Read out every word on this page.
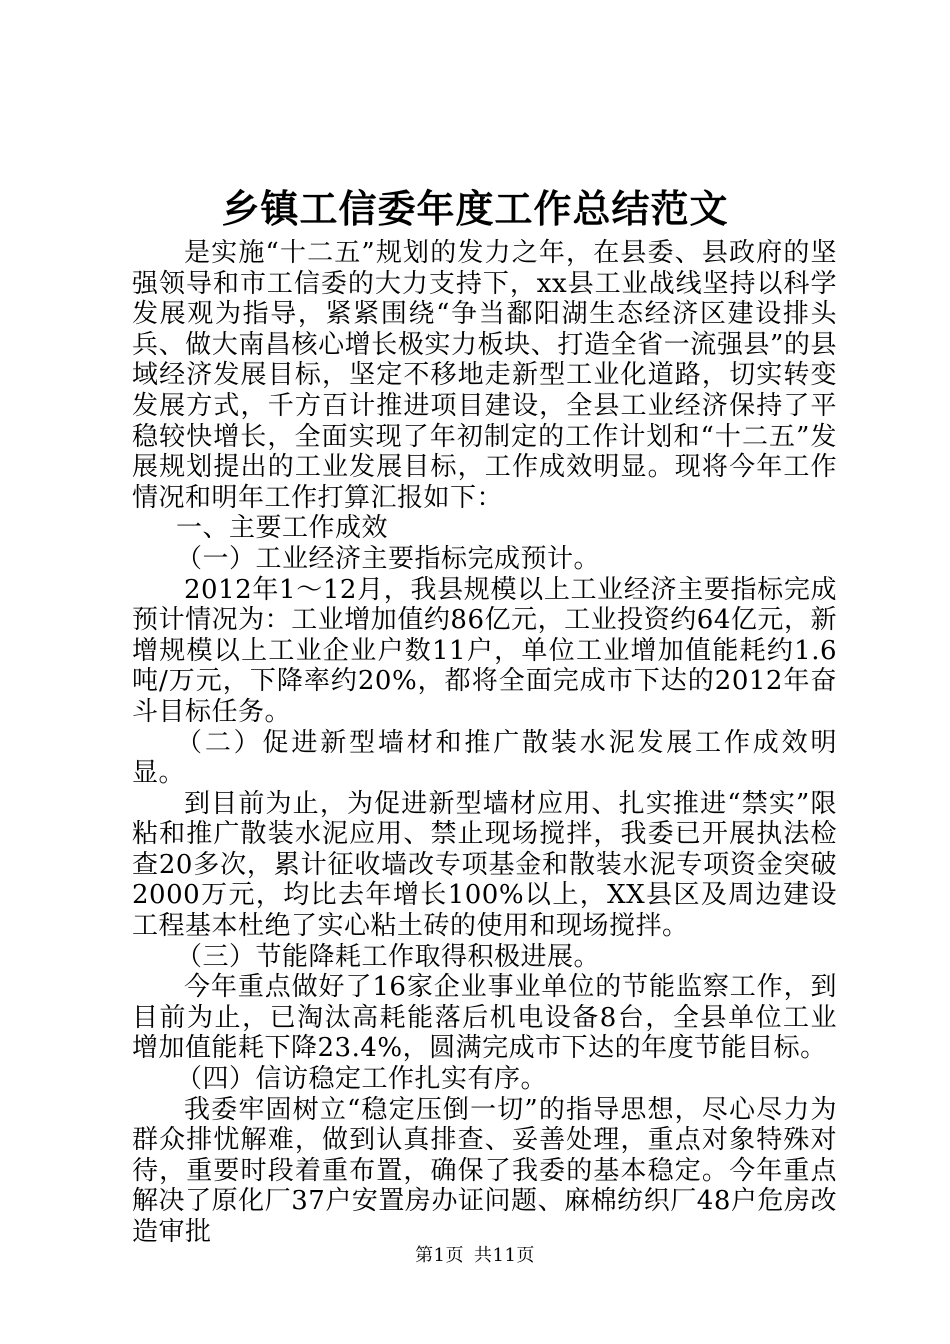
乡镇工信委年度工作总结范文

是实施“十二五”规划的发力之年，在县委、县政府的坚强领导和市工信委的大力支持下，xx县工业战线坚持以科学发展观为指导，紧紧围绕“争当鄱阳湖生态经济区建设排头兵、做大南昌核心增长极实力板块、打造全省一流强县”的县域经济发展目标，坚定不移地走新型工业化道路，切实转变发展方式，千方百计推进项目建设，全县工业经济保持了平稳较快增长，全面实现了年初制定的工作计划和“十二五”发展规划提出的工业发展目标，工作成效明显。现将今年工作情况和明年工作打算汇报如下：

一、主要工作成效

（一）工业经济主要指标完成预计。

2012年1～12月，我县规模以上工业经济主要指标完成预计情况为：工业增加值约86亿元，工业投资约64亿元，新增规模以上工业企业户数11户，单位工业增加值能耗约1.6吨/万元，下降率约20%，都将全面完成市下达的2012年奋斗目标任务。

（二）促进新型墙材和推广散装水泥发展工作成效明显。

到目前为止，为促进新型墙材应用、扎实推进“禁实”限粘和推广散装水泥应用、禁止现场搅拌，我委已开展执法检查20多次，累计征收墙改专项基金和散装水泥专项资金突破2000万元，均比去年增长100%以上，XX县区及周边建设工程基本杜绝了实心粘土砖的使用和现场搅拌。

（三）节能降耗工作取得积极进展。

今年重点做好了16家企业事业单位的节能监察工作，到目前为止，已淘汰高耗能落后机电设备8台，全县单位工业增加值能耗下降23.4%，圆满完成市下达的年度节能目标。

（四）信访稳定工作扎实有序。

我委牢固树立“稳定压倒一切”的指导思想，尽心尽力为群众排忧解难，做到认真排查、妥善处理，重点对象特殊对待，重要时段着重布置，确保了我委的基本稳定。今年重点解决了原化厂37户安置房办证问题、麻棉纺织厂48户危房改造审批

第1页 共11页
